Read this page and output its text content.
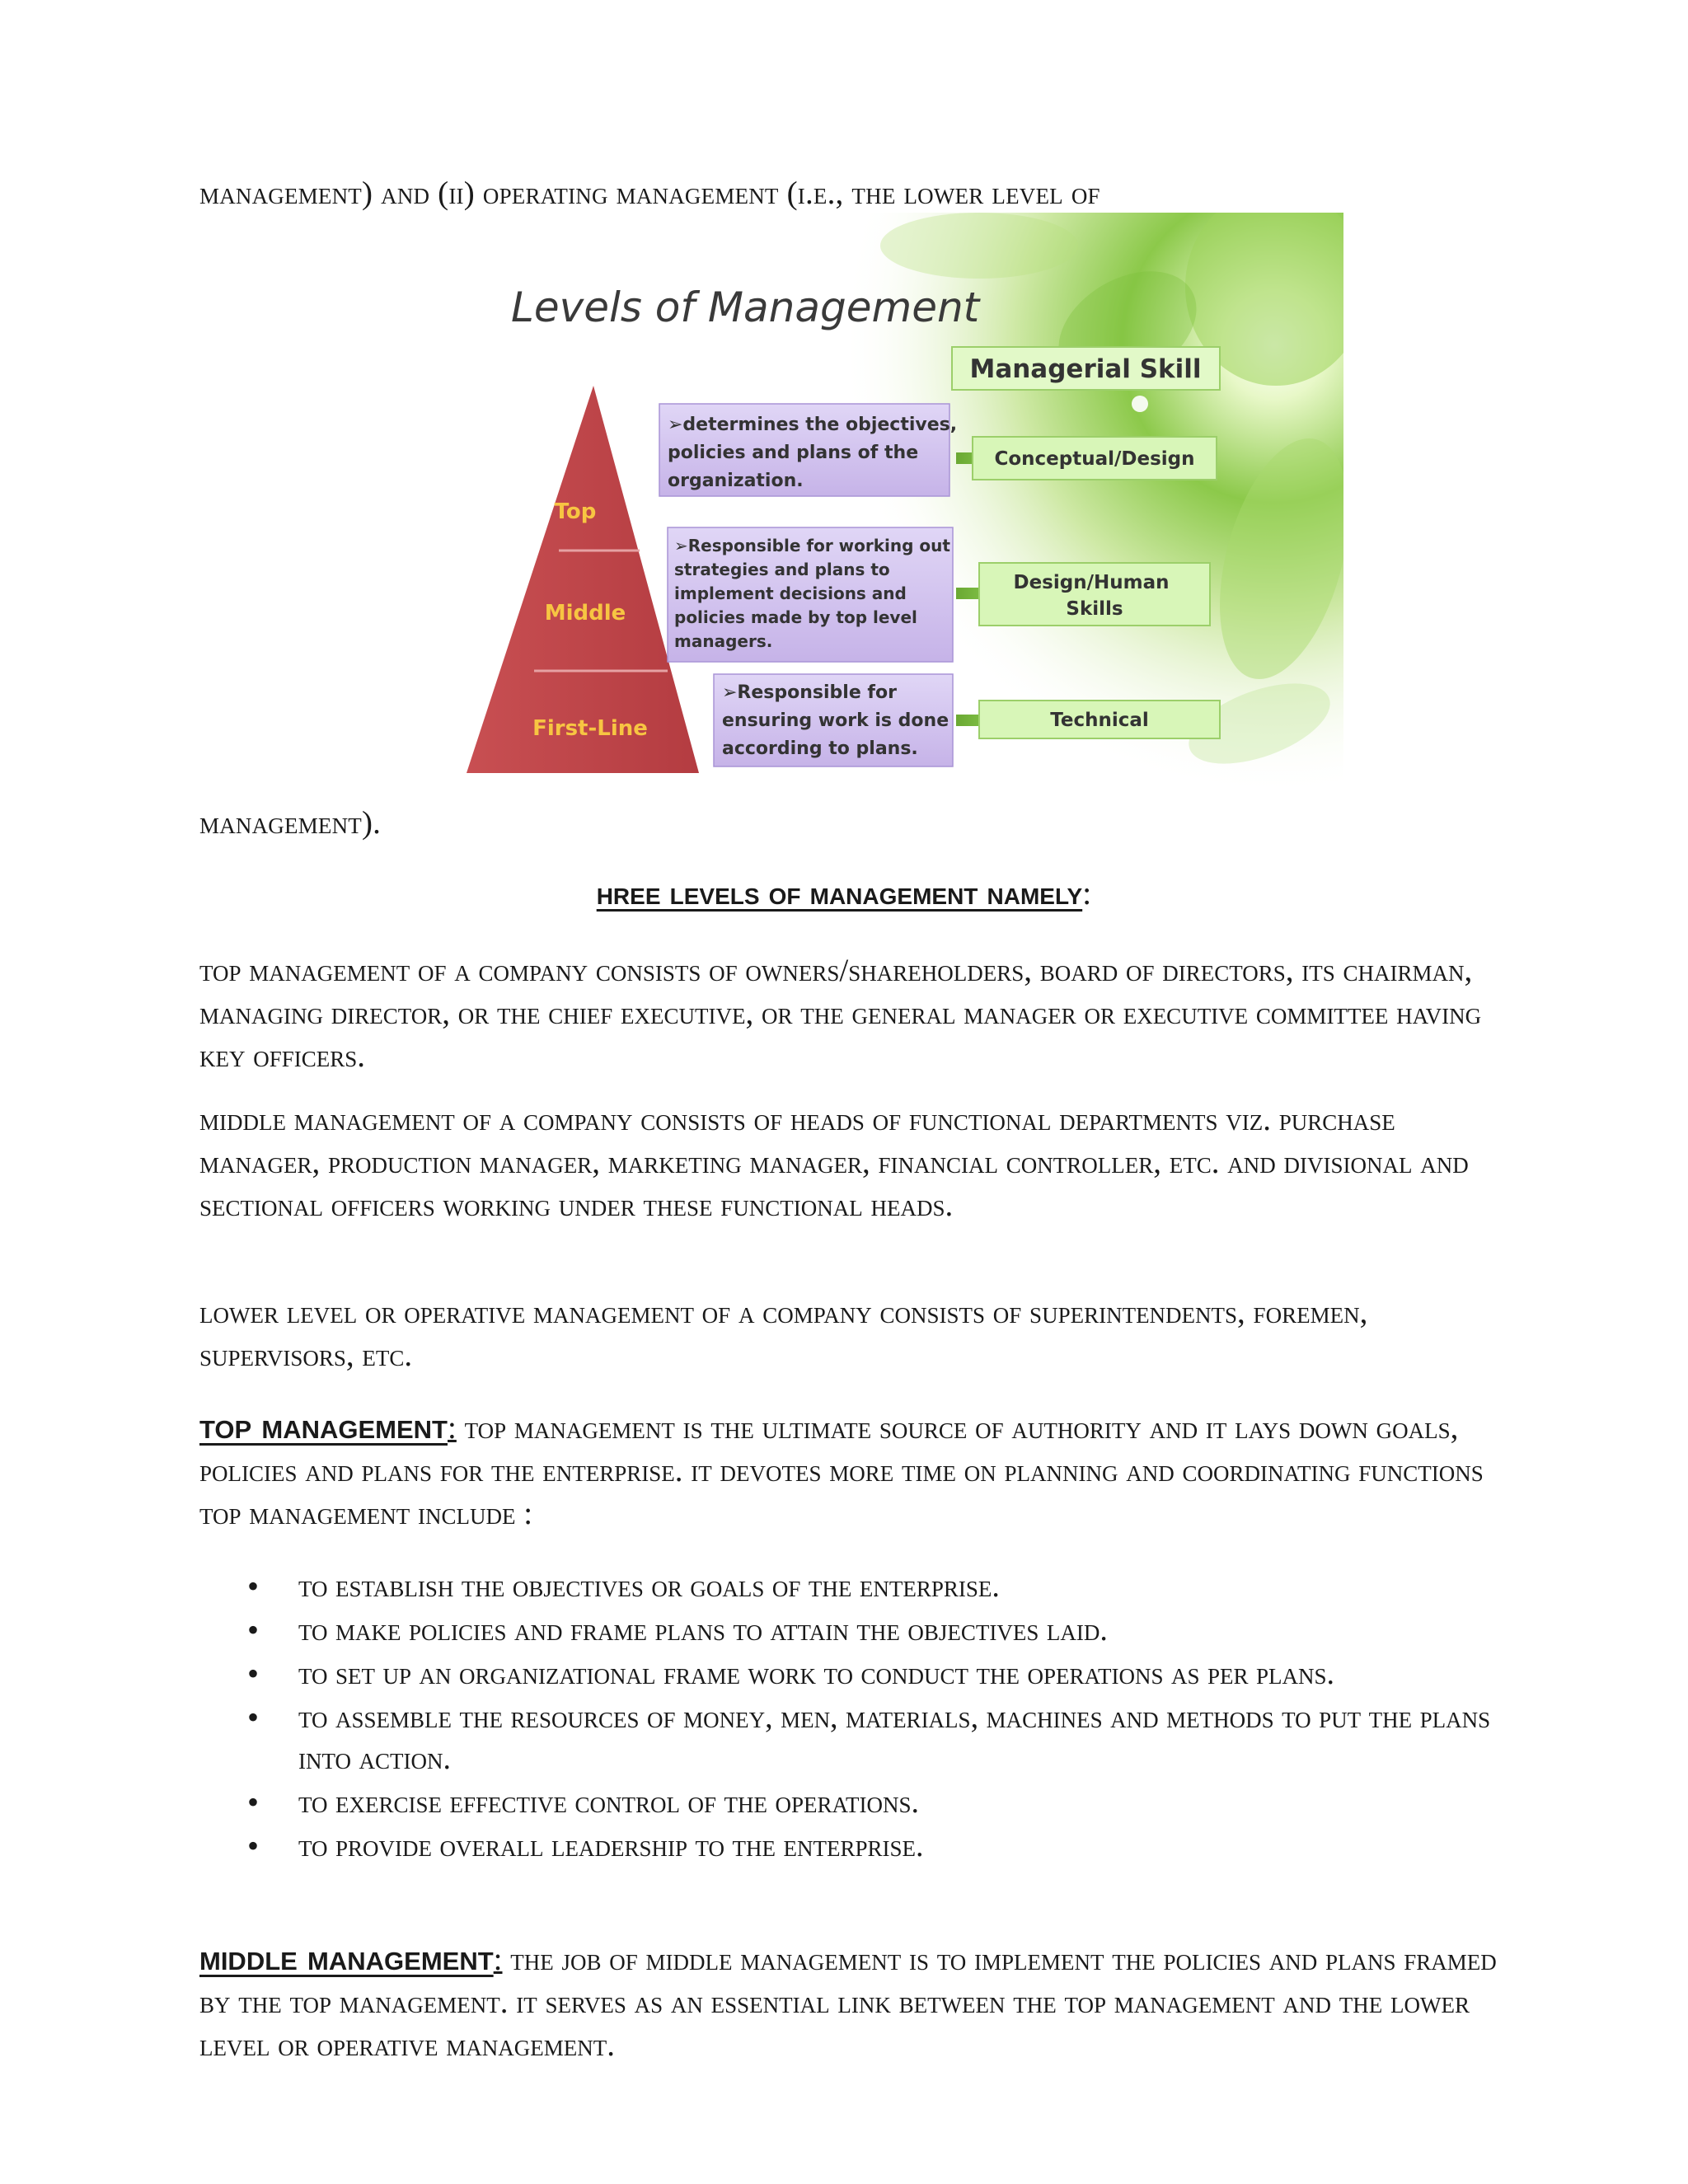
management) and (ii) operating management (i.e., the lower level of
Levels of Management
Managerial Skill
Top
Middle
First-Line
➢determines the objectives, policies and plans of the organization.
➢Responsible for working out strategies and plans to implement decisions and policies made by top level managers.
➢Responsible for ensuring work is done according to plans.
Conceptual/Design
Design/Human Skills
Technical
management).
hree levels of management namely:

top management of a company consists of owners/shareholders, board of directors, its chairman, managing director, or the chief executive, or the general manager or executive committee having key officers.

middle management of a company consists of heads of functional departments viz. purchase manager, production manager, marketing manager, financial controller, etc. and divisional and sectional officers working under these functional heads.

lower level or operative management of a company consists of superintendents, foremen, supervisors, etc.

top management: top management is the ultimate source of authority and it lays down goals, policies and plans for the enterprise. it devotes more time on planning and coordinating functions top management include :

• to establish the objectives or goals of the enterprise.
• to make policies and frame plans to attain the objectives laid.
• to set up an organizational frame work to conduct the operations as per plans.
• to assemble the resources of money, men, materials, machines and methods to put the plans into action.
• to exercise effective control of the operations.
• to provide overall leadership to the enterprise.

middle management: the job of middle management is to implement the policies and plans framed by the top management. it serves as an essential link between the top management and the lower level or operative management.
